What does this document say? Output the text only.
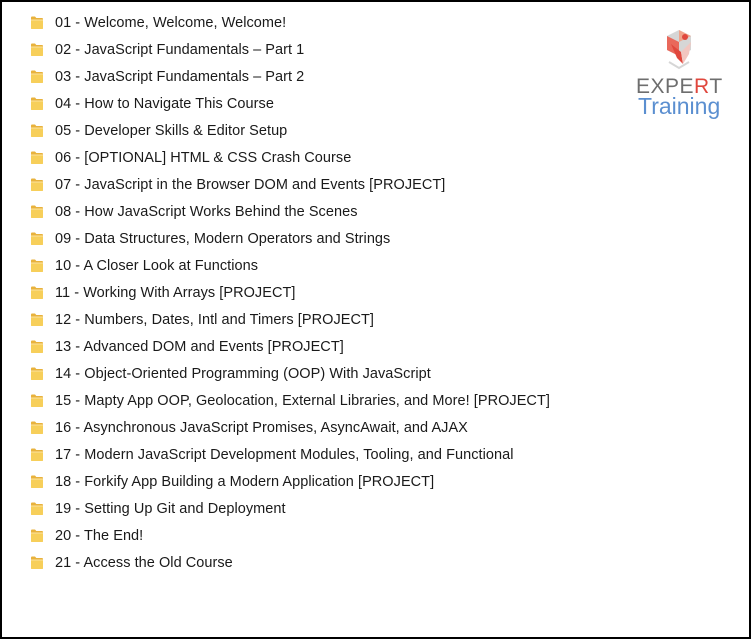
01 - Welcome, Welcome, Welcome!
02 - JavaScript Fundamentals – Part 1
03 - JavaScript Fundamentals – Part 2
04 - How to Navigate This Course
05 - Developer Skills & Editor Setup
06 - [OPTIONAL] HTML & CSS Crash Course
07 - JavaScript in the Browser DOM and Events [PROJECT]
08 - How JavaScript Works Behind the Scenes
09 - Data Structures, Modern Operators and Strings
10 - A Closer Look at Functions
11 - Working With Arrays [PROJECT]
12 - Numbers, Dates, Intl and Timers [PROJECT]
13 - Advanced DOM and Events [PROJECT]
14 - Object-Oriented Programming (OOP) With JavaScript
15 - Mapty App OOP, Geolocation, External Libraries, and More! [PROJECT]
16 - Asynchronous JavaScript Promises, AsyncAwait, and AJAX
17 - Modern JavaScript Development Modules, Tooling, and Functional
18 - Forkify App Building a Modern Application [PROJECT]
19 - Setting Up Git and Deployment
20 - The End!
21 - Access the Old Course
EXPERT
Training
